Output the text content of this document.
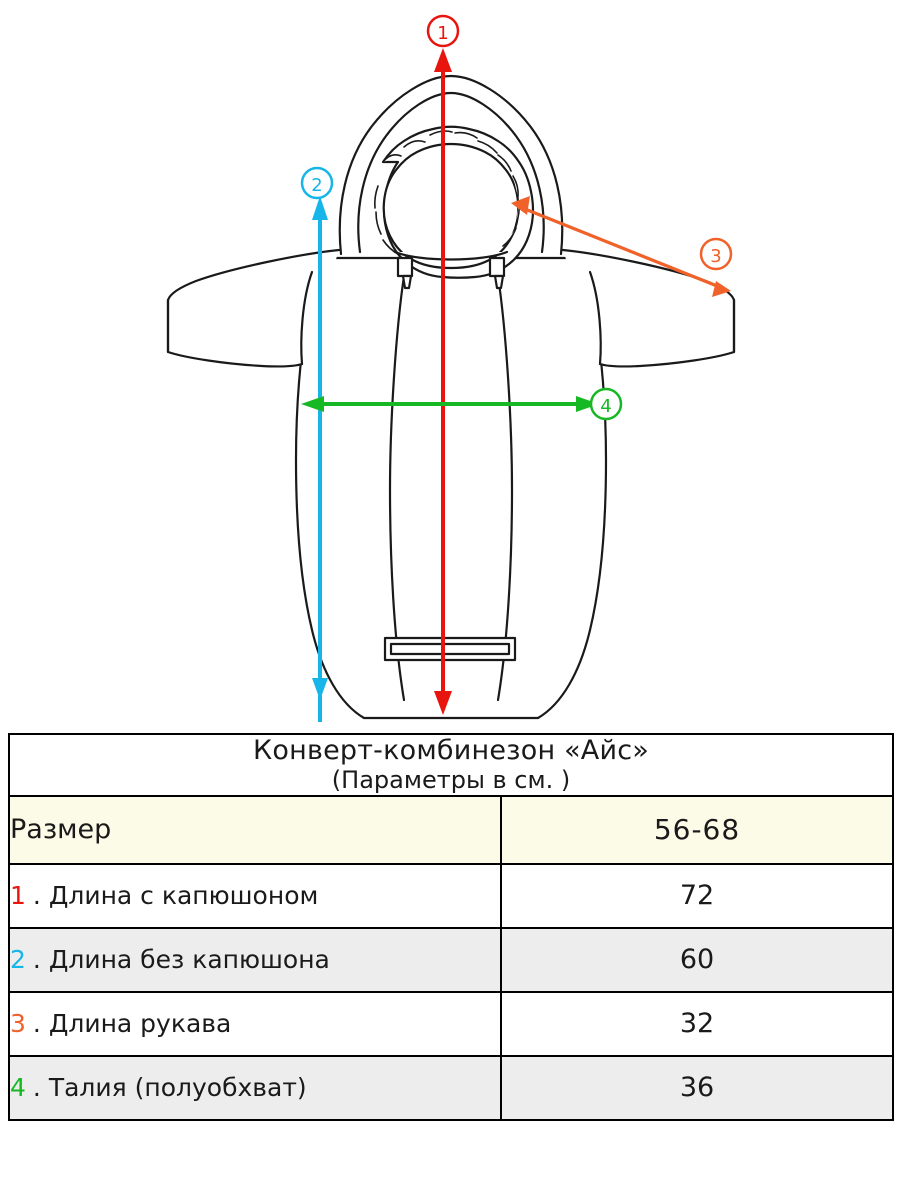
1
2
3
4
Конверт-комбинезон «Айс»
(Параметры в см. )	

Размер	56-68
1 . Длина с капюшоном	72
2 . Длина без капюшона	60
3 . Длина рукава	32
4 . Талия (полуобхват)	36
